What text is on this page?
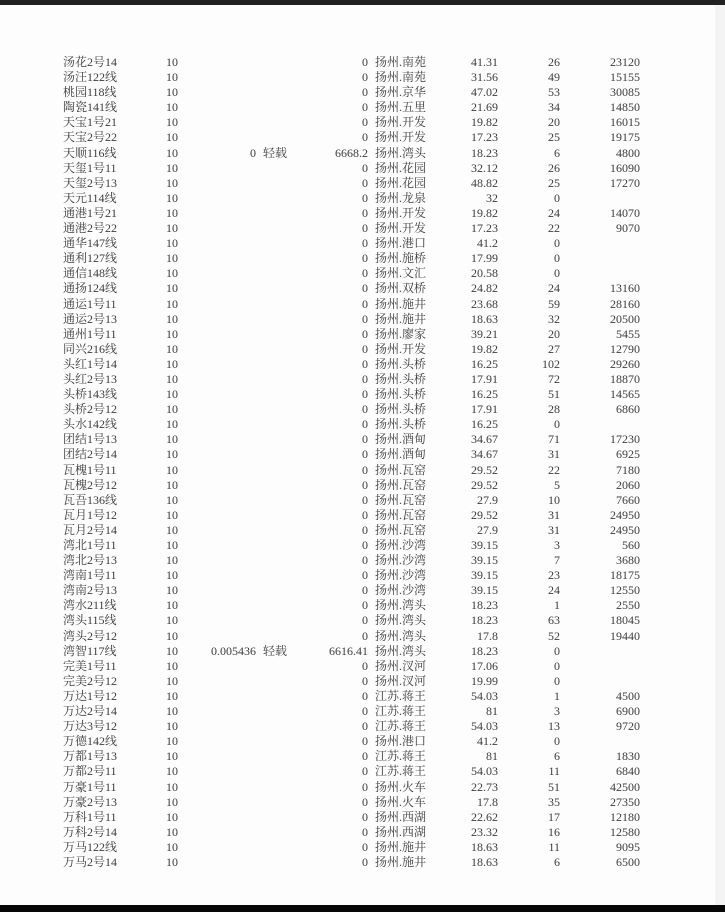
汤花2号14	10	0 扬州.南苑	41.31	26	23120
汤汪122线	10	0 扬州.南苑	31.56	49	15155
桃园118线	10	0 扬州.京华	47.02	53	30085
陶瓷141线	10	0 扬州.五里	21.69	34	14850
天宝1号21	10	0 扬州.开发	19.82	20	16015
天宝2号22	10	0 扬州.开发	17.23	25	19175
天顺116线	10	0 轻载	6668.2 扬州.湾头	18.23	6	4800
天玺1号11	10	0 扬州.花园	32.12	26	16090
天玺2号13	10	0 扬州.花园	48.82	25	17270
天元114线	10	0 扬州.龙泉	32	0
通港1号21	10	0 扬州.开发	19.82	24	14070
通港2号22	10	0 扬州.开发	17.23	22	9070
通华147线	10	0 扬州.港口	41.2	0
通利127线	10	0 扬州.施桥	17.99	0
通信148线	10	0 扬州.文汇	20.58	0
通扬124线	10	0 扬州.双桥	24.82	24	13160
通运1号11	10	0 扬州.施井	23.68	59	28160
通运2号13	10	0 扬州.施井	18.63	32	20500
通州1号11	10	0 扬州.廖家	39.21	20	5455
同兴216线	10	0 扬州.开发	19.82	27	12790
头红1号14	10	0 扬州.头桥	16.25	102	29260
头红2号13	10	0 扬州.头桥	17.91	72	18870
头桥143线	10	0 扬州.头桥	16.25	51	14565
头桥2号12	10	0 扬州.头桥	17.91	28	6860
头水142线	10	0 扬州.头桥	16.25	0
团结1号13	10	0 扬州.酒甸	34.67	71	17230
团结2号14	10	0 扬州.酒甸	34.67	31	6925
瓦槐1号11	10	0 扬州.瓦窑	29.52	22	7180
瓦槐2号12	10	0 扬州.瓦窑	29.52	5	2060
瓦吾136线	10	0 扬州.瓦窑	27.9	10	7660
瓦月1号12	10	0 扬州.瓦窑	29.52	31	24950
瓦月2号14	10	0 扬州.瓦窑	27.9	31	24950
湾北1号11	10	0 扬州.沙湾	39.15	3	560
湾北2号13	10	0 扬州.沙湾	39.15	7	3680
湾南1号11	10	0 扬州.沙湾	39.15	23	18175
湾南2号13	10	0 扬州.沙湾	39.15	24	12550
湾水211线	10	0 扬州.湾头	18.23	1	2550
湾头115线	10	0 扬州.湾头	18.23	63	18045
湾头2号12	10	0 扬州.湾头	17.8	52	19440
湾智117线	10	0.005436 轻载	6616.41 扬州.湾头	18.23	0
完美1号11	10	0 扬州.汊河	17.06	0
完美2号12	10	0 扬州.汊河	19.99	0
万达1号12	10	0 江苏.蒋王	54.03	1	4500
万达2号14	10	0 江苏.蒋王	81	3	6900
万达3号12	10	0 江苏.蒋王	54.03	13	9720
万德142线	10	0 扬州.港口	41.2	0
万都1号13	10	0 江苏.蒋王	81	6	1830
万都2号11	10	0 江苏.蒋王	54.03	11	6840
万豪1号11	10	0 扬州.火车	22.73	51	42500
万豪2号13	10	0 扬州.火车	17.8	35	27350
万科1号11	10	0 扬州.西湖	22.62	17	12180
万科2号14	10	0 扬州.西湖	23.32	16	12580
万马122线	10	0 扬州.施井	18.63	11	9095
万马2号14	10	0 扬州.施井	18.63	6	6500
